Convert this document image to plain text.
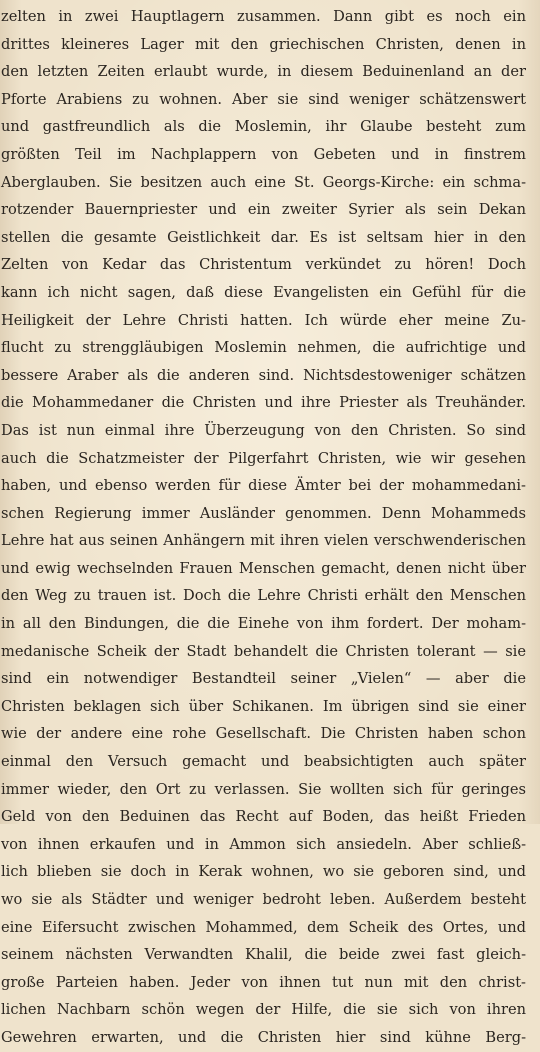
zelten in zwei Hauptlagern zusammen. Dann gibt es noch ein
drittes kleineres Lager mit den griechischen Christen, denen in
den letzten Zeiten erlaubt wurde, in diesem Beduinenland an der
Pforte Arabiens zu wohnen. Aber sie sind weniger schätzenswert
und gastfreundlich als die Moslemin, ihr Glaube besteht zum
größten Teil im Nachplappern von Gebeten und in finstrem
Aberglauben. Sie besitzen auch eine St. Georgs-Kirche: ein schma-
rotzender Bauernpriester und ein zweiter Syrier als sein Dekan
stellen die gesamte Geistlichkeit dar. Es ist seltsam hier in den
Zelten von Kedar das Christentum verkündet zu hören! Doch
kann ich nicht sagen, daß diese Evangelisten ein Gefühl für die
Heiligkeit der Lehre Christi hatten. Ich würde eher meine Zu-
flucht zu strenggläubigen Moslemin nehmen, die aufrichtige und
bessere Araber als die anderen sind. Nichtsdestoweniger schätzen
die Mohammedaner die Christen und ihre Priester als Treuhänder.
Das ist nun einmal ihre Überzeugung von den Christen. So sind
auch die Schatzmeister der Pilgerfahrt Christen, wie wir gesehen
haben, und ebenso werden für diese Ämter bei der mohammedani-
schen Regierung immer Ausländer genommen. Denn Mohammeds
Lehre hat aus seinen Anhängern mit ihren vielen verschwenderischen
und ewig wechselnden Frauen Menschen gemacht, denen nicht über
den Weg zu trauen ist. Doch die Lehre Christi erhält den Menschen
in all den Bindungen, die die Einehe von ihm fordert. Der moham-
medanische Scheik der Stadt behandelt die Christen tolerant — sie
sind ein notwendiger Bestandteil seiner „Vielen“ — aber die
Christen beklagen sich über Schikanen. Im übrigen sind sie einer
wie der andere eine rohe Gesellschaft. Die Christen haben schon
einmal den Versuch gemacht und beabsichtigten auch später
immer wieder, den Ort zu verlassen. Sie wollten sich für geringes
Geld von den Beduinen das Recht auf Boden, das heißt Frieden
von ihnen erkaufen und in Ammon sich ansiedeln. Aber schließ-
lich blieben sie doch in Kerak wohnen, wo sie geboren sind, und
wo sie als Städter und weniger bedroht leben. Außerdem besteht
eine Eifersucht zwischen Mohammed, dem Scheik des Ortes, und
seinem nächsten Verwandten Khalil, die beide zwei fast gleich-
große Parteien haben. Jeder von ihnen tut nun mit den christ-
lichen Nachbarn schön wegen der Hilfe, die sie sich von ihren
Gewehren erwarten, und die Christen hier sind kühne Berg-
